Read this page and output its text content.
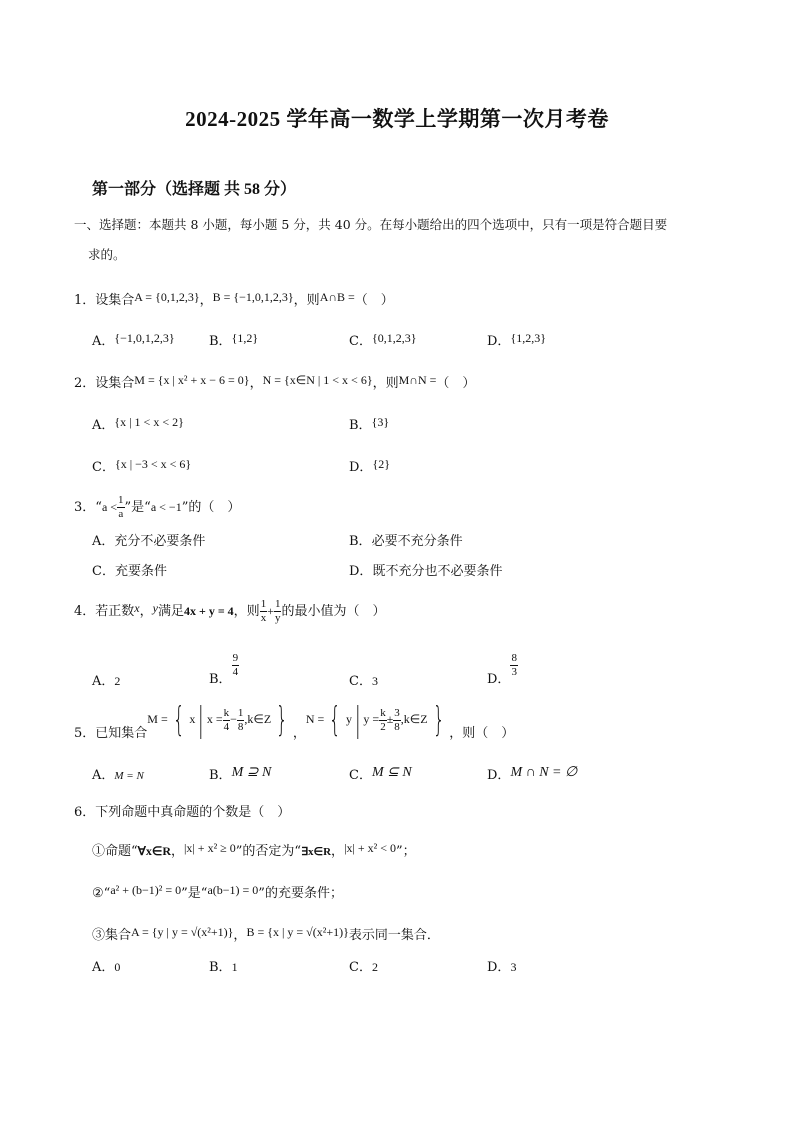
2024-2025 学年高一数学上学期第一次月考卷
第一部分（选择题 共 58 分）
一、选择题：本题共 8 小题，每小题 5 分，共 40 分。在每小题给出的四个选项中，只有一项是符合题目要
求的。
1．设集合A = {0,1,2,3}，B = {−1,0,1,2,3}，则A∩B =（　）
A．{−1,0,1,2,3}	B．{1,2}	C．{0,1,2,3}	D．{1,2,3}
2．设集合M = {x | x² + x − 6 = 0}，N = {x∈N | 1 < x < 6}，则M∩N =（　）
A．{x | 1 < x < 2}	B．{3}
C．{x | −3 < x < 6}	D．{2}
3．“$a < \frac{1}{a}$ ”是“a < −1”的（　）
A．充分不必要条件	B．必要不充分条件
C．充要条件	D．既不充分也不必要条件
4．若正数x，y满足4x + y = 4，则 $\frac{1}{x} + \frac{1}{y}$ 的最小值为（　）
A．2	B．
$\frac{9}{4}$
C．3	D．
$\frac{8}{3}$
5．已知集合M = { x| $x = \frac{k}{4} - \frac{1}{8}$ ,k∈Z } ，N = { y| $y = \frac{k}{2} \pm \frac{3}{8}$ ,k∈Z } ，则（　）
A．M = N	B．M ⊇ N	C．M ⊆ N	D．M ∩ N = ∅
6．下列命题中真命题的个数是（　）
①命题“∀x∈R，|x| + x² ≥ 0”的否定为“∃x∈R，|x| + x² < 0”；
②“a² + (b−1)² = 0”是“a(b−1) = 0”的充要条件；
③集合A = {y | y = √(x²+1)}，B = {x | y = √(x²+1)}表示同一集合．
A．0	B．1	C．2	D．3
